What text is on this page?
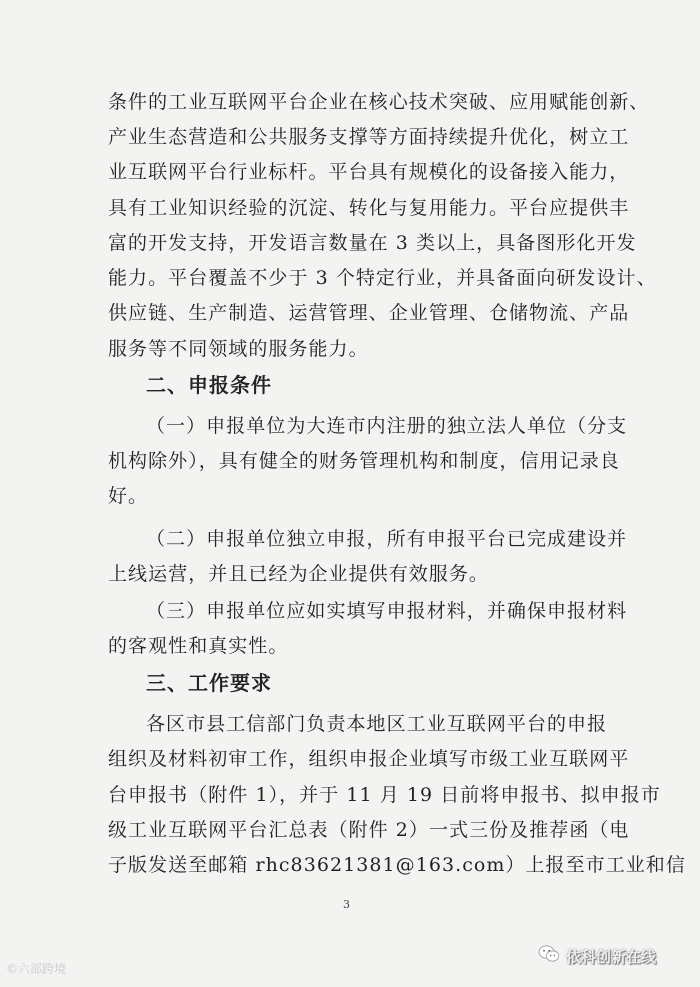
条件的工业互联网平台企业在核心技术突破、应用赋能创新、
产业生态营造和公共服务支撑等方面持续提升优化，树立工
业互联网平台行业标杆。平台具有规模化的设备接入能力，
具有工业知识经验的沉淀、转化与复用能力。平台应提供丰
富的开发支持，开发语言数量在 3 类以上，具备图形化开发
能力。平台覆盖不少于 3 个特定行业，并具备面向研发设计、
供应链、生产制造、运营管理、企业管理、仓储物流、产品
服务等不同领域的服务能力。
二、申报条件
（一）申报单位为大连市内注册的独立法人单位（分支
机构除外），具有健全的财务管理机构和制度，信用记录良
好。
（二）申报单位独立申报，所有申报平台已完成建设并
上线运营，并且已经为企业提供有效服务。
（三）申报单位应如实填写申报材料，并确保申报材料
的客观性和真实性。
三、工作要求
各区市县工信部门负责本地区工业互联网平台的申报
组织及材料初审工作，组织申报企业填写市级工业互联网平
台申报书（附件 1），并于 11 月 19 日前将申报书、拟申报市
级工业互联网平台汇总表（附件 2）一式三份及推荐函（电
子版发送至邮箱 rhc83621381@163.com）上报至市工业和信
3
©六部跨境
依科创新在线
